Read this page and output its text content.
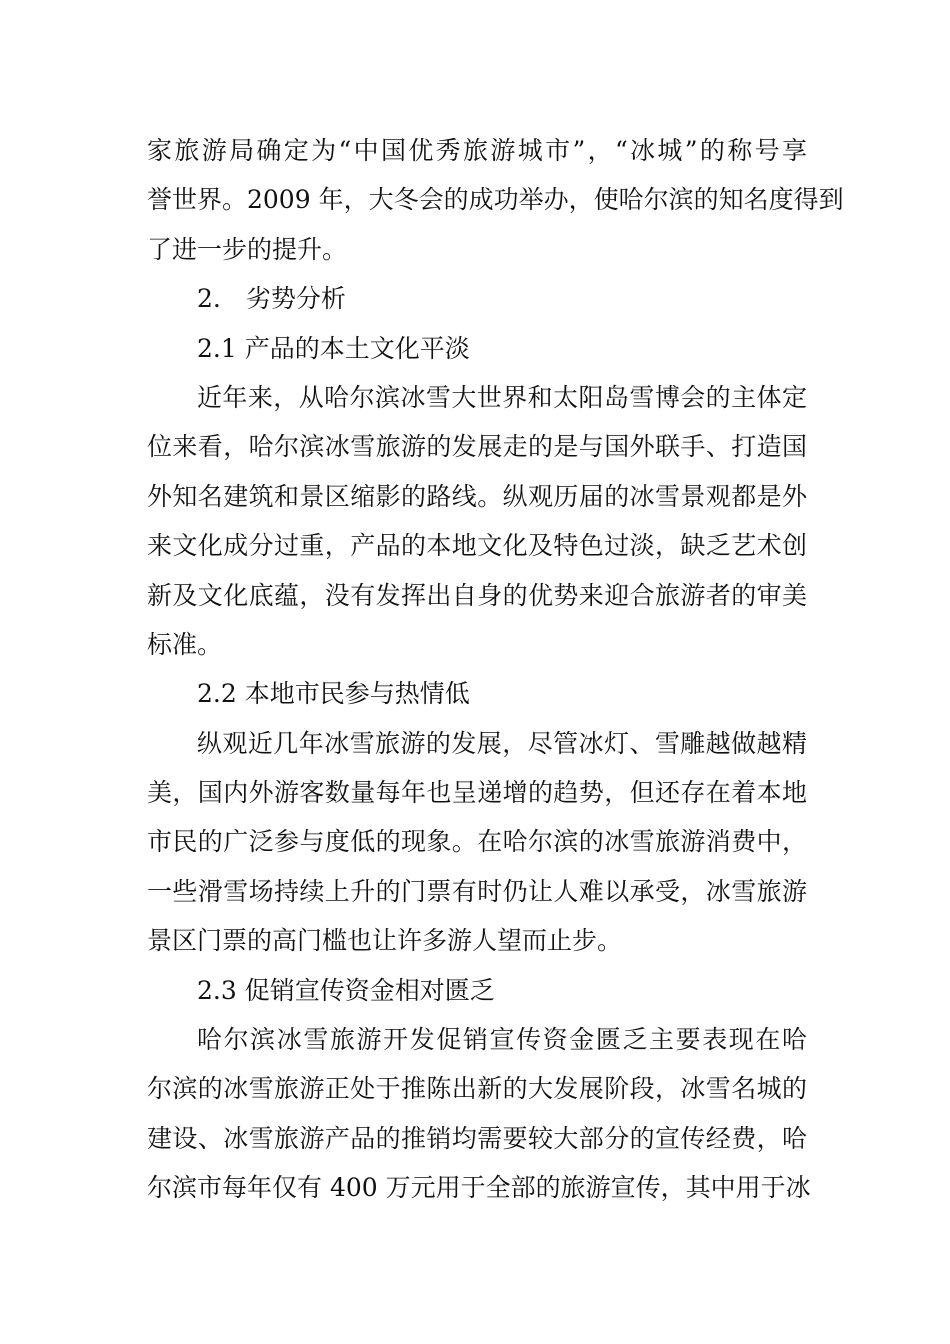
家旅游局确定为“中国优秀旅游城市”，“冰城”的称号享
誉世界。2009 年，大冬会的成功举办，使哈尔滨的知名度得到
了进一步的提升。
2.　劣势分析
2.1 产品的本土文化平淡
近年来，从哈尔滨冰雪大世界和太阳岛雪博会的主体定
位来看，哈尔滨冰雪旅游的发展走的是与国外联手、打造国
外知名建筑和景区缩影的路线。纵观历届的冰雪景观都是外
来文化成分过重，产品的本地文化及特色过淡，缺乏艺术创
新及文化底蕴，没有发挥出自身的优势来迎合旅游者的审美
标准。
2.2 本地市民参与热情低
纵观近几年冰雪旅游的发展，尽管冰灯、雪雕越做越精
美，国内外游客数量每年也呈递增的趋势，但还存在着本地
市民的广泛参与度低的现象。在哈尔滨的冰雪旅游消费中，
一些滑雪场持续上升的门票有时仍让人难以承受，冰雪旅游
景区门票的高门槛也让许多游人望而止步。
2.3 促销宣传资金相对匮乏
哈尔滨冰雪旅游开发促销宣传资金匮乏主要表现在哈
尔滨的冰雪旅游正处于推陈出新的大发展阶段，冰雪名城的
建设、冰雪旅游产品的推销均需要较大部分的宣传经费，哈
尔滨市每年仅有 400 万元用于全部的旅游宣传，其中用于冰
